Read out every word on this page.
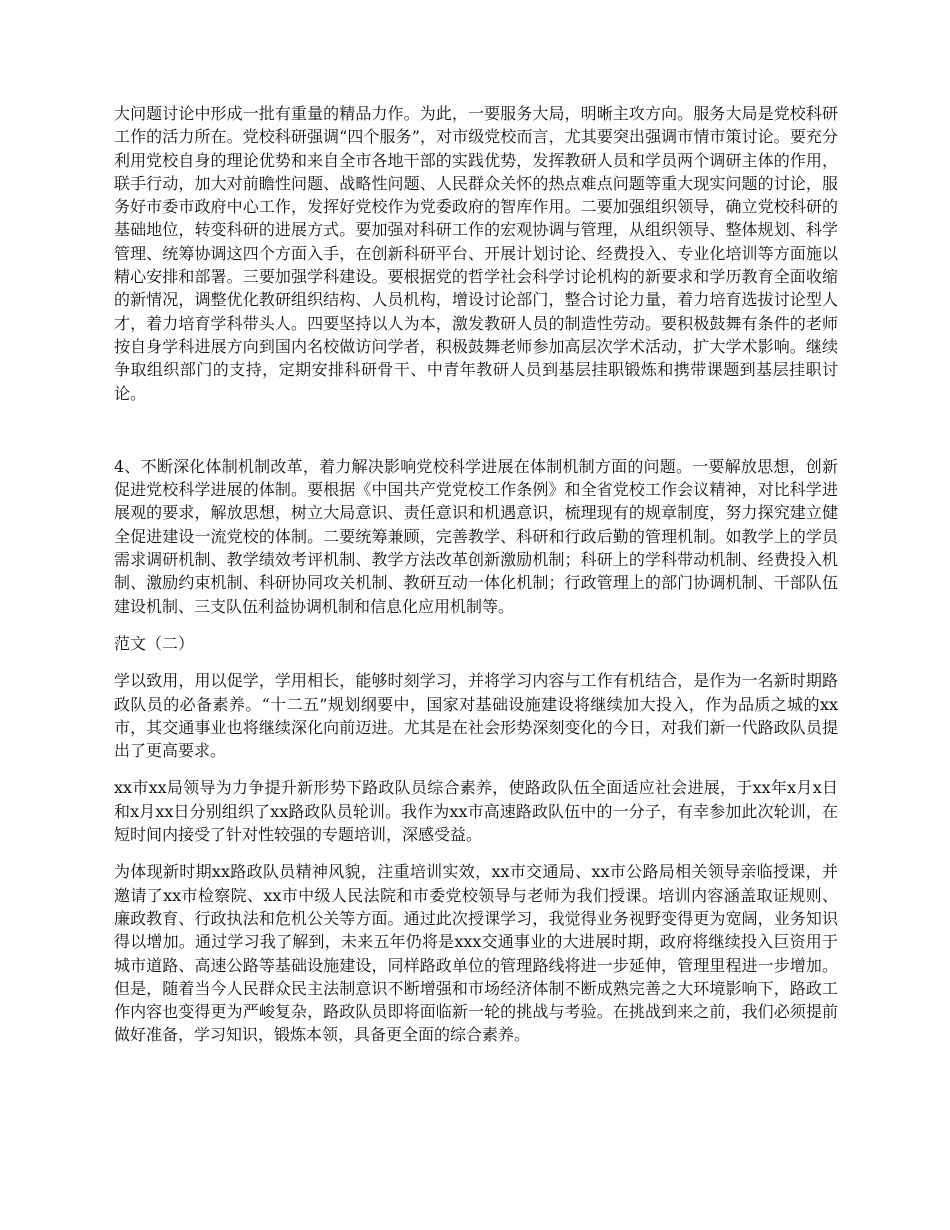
大问题讨论中形成一批有重量的精品力作。为此，一要服务大局，明晰主攻方向。服务大局是党校科研工作的活力所在。党校科研强调“四个服务”，对市级党校而言，尤其要突出强调市情市策讨论。要充分利用党校自身的理论优势和来自全市各地干部的实践优势，发挥教研人员和学员两个调研主体的作用，联手行动，加大对前瞻性问题、战略性问题、人民群众关怀的热点难点问题等重大现实问题的讨论，服务好市委市政府中心工作，发挥好党校作为党委政府的智库作用。二要加强组织领导，确立党校科研的基础地位，转变科研的进展方式。要加强对科研工作的宏观协调与管理，从组织领导、整体规划、科学管理、统筹协调这四个方面入手，在创新科研平台、开展计划讨论、经费投入、专业化培训等方面施以精心安排和部署。三要加强学科建设。要根据党的哲学社会科学讨论机构的新要求和学历教育全面收缩的新情况，调整优化教研组织结构、人员机构，增设讨论部门，整合讨论力量，着力培育选拔讨论型人才，着力培育学科带头人。四要坚持以人为本，激发教研人员的制造性劳动。要积极鼓舞有条件的老师按自身学科进展方向到国内名校做访问学者，积极鼓舞老师参加高层次学术活动，扩大学术影响。继续争取组织部门的支持，定期安排科研骨干、中青年教研人员到基层挂职锻炼和携带课题到基层挂职讨论。

4、不断深化体制机制改革，着力解决影响党校科学进展在体制机制方面的问题。一要解放思想，创新促进党校科学进展的体制。要根据《中国共产党党校工作条例》和全省党校工作会议精神，对比科学进展观的要求，解放思想，树立大局意识、责任意识和机遇意识，梳理现有的规章制度，努力探究建立健全促进建设一流党校的体制。二要统筹兼顾，完善教学、科研和行政后勤的管理机制。如教学上的学员需求调研机制、教学绩效考评机制、教学方法改革创新激励机制；科研上的学科带动机制、经费投入机制、激励约束机制、科研协同攻关机制、教研互动一体化机制；行政管理上的部门协调机制、干部队伍建设机制、三支队伍利益协调机制和信息化应用机制等。

范文（二）

学以致用，用以促学，学用相长，能够时刻学习，并将学习内容与工作有机结合，是作为一名新时期路政队员的必备素养。“十二五”规划纲要中，国家对基础设施建设将继续加大投入，作为品质之城的xx市，其交通事业也将继续深化向前迈进。尤其是在社会形势深刻变化的今日，对我们新一代路政队员提出了更高要求。

xx市xx局领导为力争提升新形势下路政队员综合素养，使路政队伍全面适应社会进展，于xx年x月x日和x月xx日分别组织了xx路政队员轮训。我作为xx市高速路政队伍中的一分子，有幸参加此次轮训，在短时间内接受了针对性较强的专题培训，深感受益。

为体现新时期xx路政队员精神风貌，注重培训实效，xx市交通局、xx市公路局相关领导亲临授课，并邀请了xx市检察院、xx市中级人民法院和市委党校领导与老师为我们授课。培训内容涵盖取证规则、廉政教育、行政执法和危机公关等方面。通过此次授课学习，我觉得业务视野变得更为宽阔，业务知识得以增加。通过学习我了解到，未来五年仍将是xxx交通事业的大进展时期，政府将继续投入巨资用于城市道路、高速公路等基础设施建设，同样路政单位的管理路线将进一步延伸，管理里程进一步增加。但是，随着当今人民群众民主法制意识不断增强和市场经济体制不断成熟完善之大环境影响下，路政工作内容也变得更为严峻复杂，路政队员即将面临新一轮的挑战与考验。在挑战到来之前，我们必须提前做好准备，学习知识，锻炼本领，具备更全面的综合素养。
